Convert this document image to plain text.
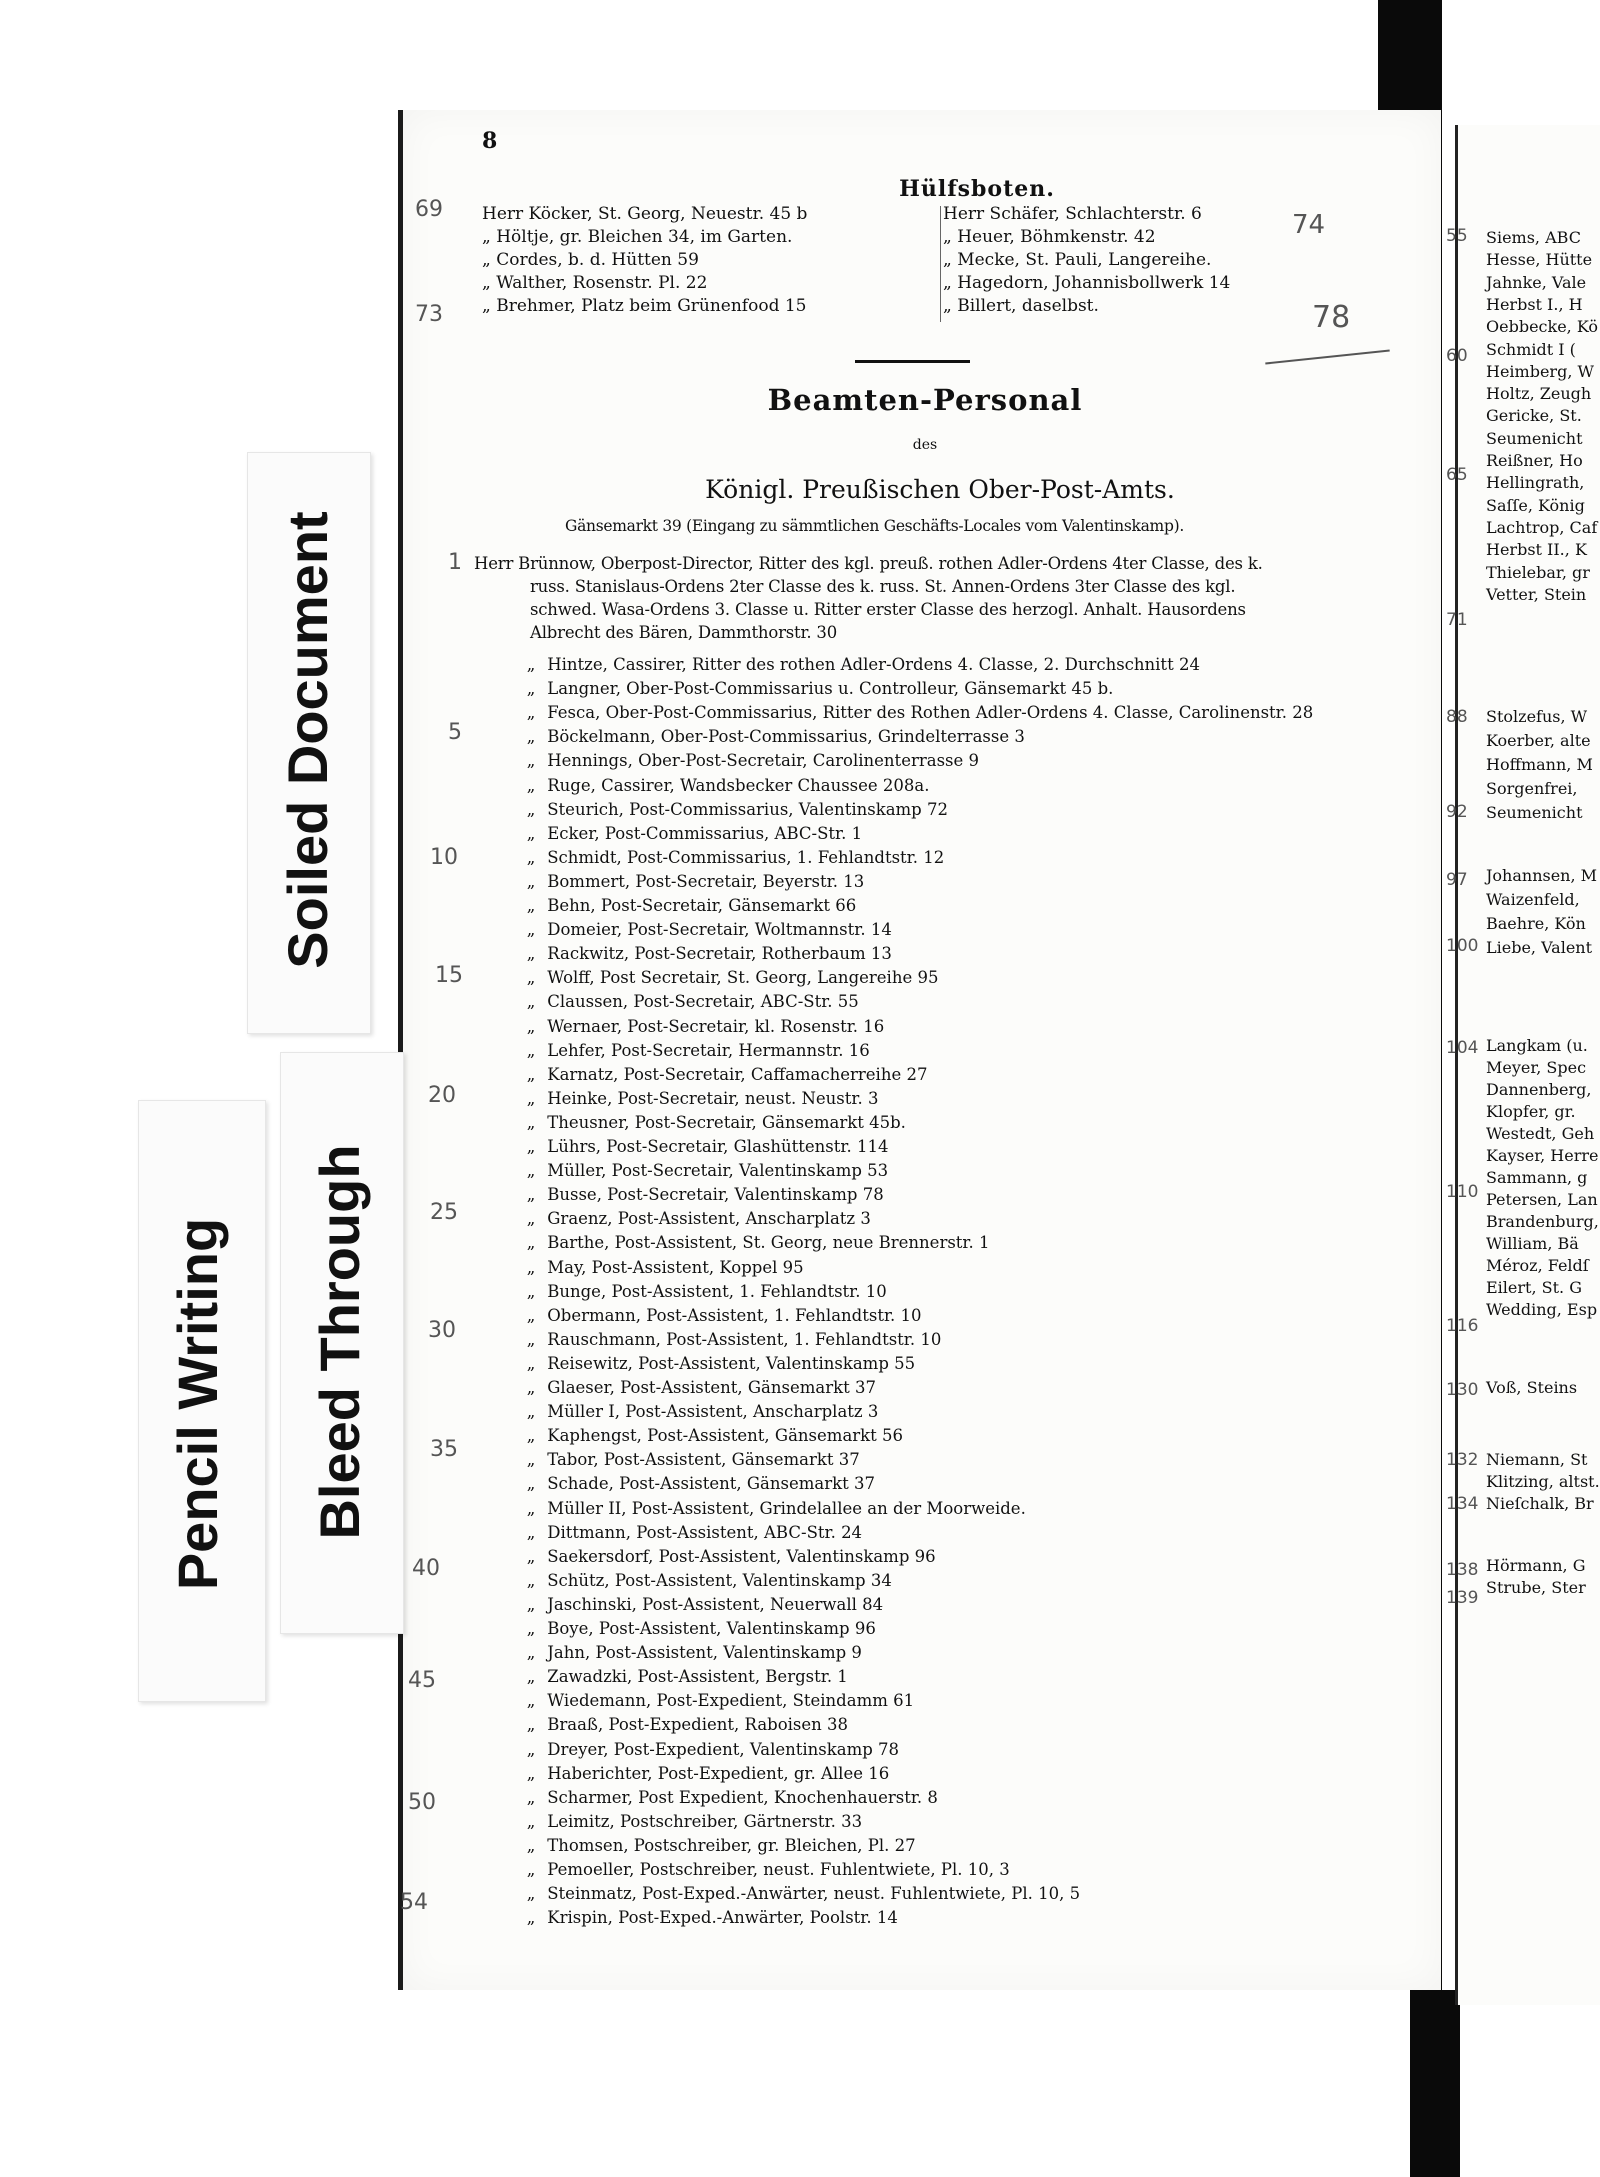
Soiled Document
Bleed Through
Pencil Writing
8
Hülfsboten.
Herr Köcker, St. Georg, Neuestr. 45 b
„ Höltje, gr. Bleichen 34, im Garten.
„ Cordes, b. d. Hütten 59
„ Walther, Rosenstr. Pl. 22
„ Brehmer, Platz beim Grünenfood 15
Herr Schäfer, Schlachterstr. 6
„ Heuer, Böhmkenstr. 42
„ Mecke, St. Pauli, Langereihe.
„ Hagedorn, Johannisbollwerk 14
„ Billert, daselbst.
Beamten-Personal
des
Königl. Preußischen Ober-Post-Amts.
Gänsemarkt 39 (Eingang zu sämmtlichen Geschäfts-Locales vom Valentinskamp).
Herr Brünnow, Oberpost-Director, Ritter des kgl. preuß. rothen Adler-Ordens 4ter Classe, des k.
russ. Stanislaus-Ordens 2ter Classe des k. russ. St. Annen-Ordens 3ter Classe des kgl.
schwed. Wasa-Ordens 3. Classe u. Ritter erster Classe des herzogl. Anhalt. Hausordens
Albrecht des Bären, Dammthorstr. 30
„ Hintze, Cassirer, Ritter des rothen Adler-Ordens 4. Classe, 2. Durchschnitt 24
„ Langner, Ober-Post-Commissarius u. Controlleur, Gänsemarkt 45 b.
„ Fesca, Ober-Post-Commissarius, Ritter des Rothen Adler-Ordens 4. Classe, Carolinenstr. 28
„ Böckelmann, Ober-Post-Commissarius, Grindelterrasse 3
„ Hennings, Ober-Post-Secretair, Carolinenterrasse 9
„ Ruge, Cassirer, Wandsbecker Chaussee 208a.
„ Steurich, Post-Commissarius, Valentinskamp 72
„ Ecker, Post-Commissarius, ABC-Str. 1
„ Schmidt, Post-Commissarius, 1. Fehlandtstr. 12
„ Bommert, Post-Secretair, Beyerstr. 13
„ Behn, Post-Secretair, Gänsemarkt 66
„ Domeier, Post-Secretair, Woltmannstr. 14
„ Rackwitz, Post-Secretair, Rotherbaum 13
„ Wolff, Post Secretair, St. Georg, Langereihe 95
„ Claussen, Post-Secretair, ABC-Str. 55
„ Wernaer, Post-Secretair, kl. Rosenstr. 16
„ Lehfer, Post-Secretair, Hermannstr. 16
„ Karnatz, Post-Secretair, Caffamacherreihe 27
„ Heinke, Post-Secretair, neust. Neustr. 3
„ Theusner, Post-Secretair, Gänsemarkt 45b.
„ Lührs, Post-Secretair, Glashüttenstr. 114
„ Müller, Post-Secretair, Valentinskamp 53
„ Busse, Post-Secretair, Valentinskamp 78
„ Graenz, Post-Assistent, Anscharplatz 3
„ Barthe, Post-Assistent, St. Georg, neue Brennerstr. 1
„ May, Post-Assistent, Koppel 95
„ Bunge, Post-Assistent, 1. Fehlandtstr. 10
„ Obermann, Post-Assistent, 1. Fehlandtstr. 10
„ Rauschmann, Post-Assistent, 1. Fehlandtstr. 10
„ Reisewitz, Post-Assistent, Valentinskamp 55
„ Glaeser, Post-Assistent, Gänsemarkt 37
„ Müller I, Post-Assistent, Anscharplatz 3
„ Kaphengst, Post-Assistent, Gänsemarkt 56
„ Tabor, Post-Assistent, Gänsemarkt 37
„ Schade, Post-Assistent, Gänsemarkt 37
„ Müller II, Post-Assistent, Grindelallee an der Moorweide.
„ Dittmann, Post-Assistent, ABC-Str. 24
„ Saekersdorf, Post-Assistent, Valentinskamp 96
„ Schütz, Post-Assistent, Valentinskamp 34
„ Jaschinski, Post-Assistent, Neuerwall 84
„ Boye, Post-Assistent, Valentinskamp 96
„ Jahn, Post-Assistent, Valentinskamp 9
„ Zawadzki, Post-Assistent, Bergstr. 1
„ Wiedemann, Post-Expedient, Steindamm 61
„ Braaß, Post-Expedient, Raboisen 38
„ Dreyer, Post-Expedient, Valentinskamp 78
„ Haberichter, Post-Expedient, gr. Allee 16
„ Scharmer, Post Expedient, Knochenhauerstr. 8
„ Leimitz, Postschreiber, Gärtnerstr. 33
„ Thomsen, Postschreiber, gr. Bleichen, Pl. 27
„ Pemoeller, Postschreiber, neust. Fuhlentwiete, Pl. 10, 3
„ Steinmatz, Post-Exped.-Anwärter, neust. Fuhlentwiete, Pl. 10, 5
„ Krispin, Post-Exped.-Anwärter, Poolstr. 14
69
73
1
5
10
15
20
25
30
35
40
45
50
54
74
78
Siems, ABC
Hesse, Hütte
Jahnke, Vale
Herbst I., H
Oebbecke, Kö
Schmidt I (
Heimberg, W
Holtz, Zeugh
Gericke, St.
Seumenicht
Reißner, Ho
Hellingrath,
Saſſe, König
Lachtrop, Caf
Herbst II., K
Thielebar, gr
Vetter, Stein
Stolzefus, W
Koerber, alte
Hoffmann, M
Sorgenfrei,
Seumenicht
Johannsen, M
Waizenfeld,
Baehre, Kön
Liebe, Valent
Langkam (u.
Meyer, Spec
Dannenberg,
Klopfer, gr.
Westedt, Geh
Kayser, Herre
Sammann, g
Petersen, Lan
Brandenburg,
William, Bä
Méroz, Feldſ
Eilert, St. G
Wedding, Esp
Voß, Steins
Niemann, St
Klitzing, altst.
Nieſchalk, Br
Hörmann, G
Strube, Ster
55
60
65
71
88
92
97
100
104
110
116
130
132
134
138
139
